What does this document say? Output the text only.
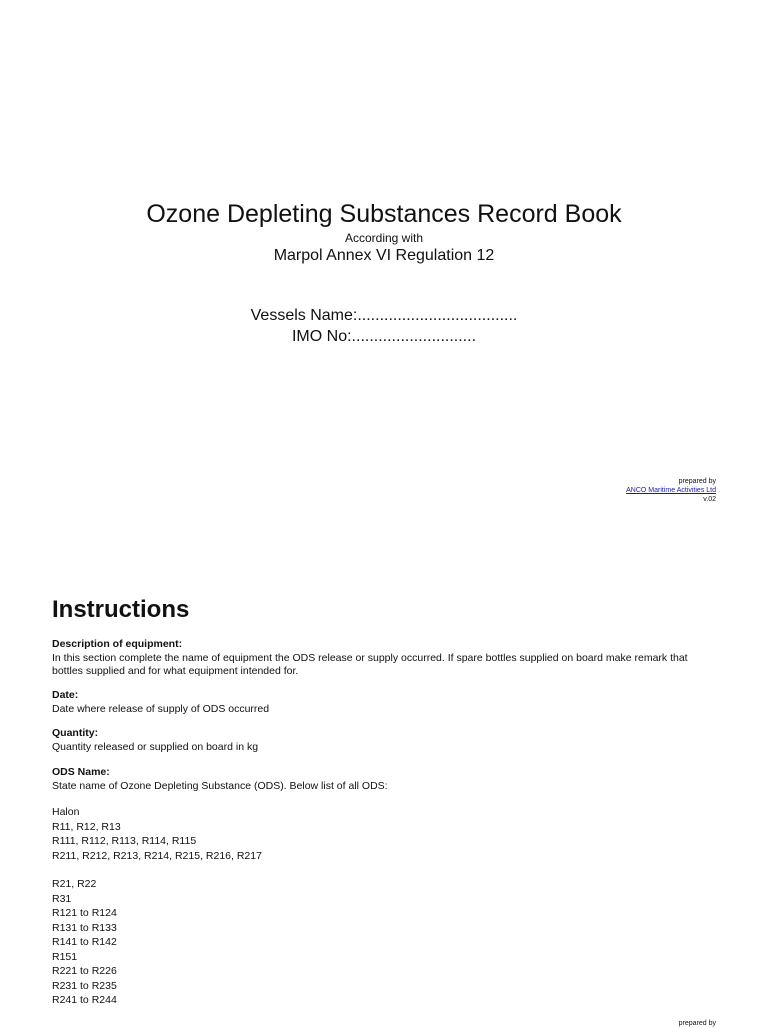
Ozone Depleting Substances Record Book
According with
Marpol Annex VI Regulation 12
Vessels Name:....................................
IMO No:............................
prepared by
ANCO Maritime Activities Ltd
v.02
Instructions
Description of equipment:
In this section complete the name of equipment the ODS release or supply occurred. If spare bottles supplied on board make remark that bottles supplied and for what equipment intended for.
Date:
Date where release of supply of ODS occurred
Quantity:
Quantity released or supplied on board in kg
ODS Name:
State name of Ozone Depleting Substance (ODS). Below list of all ODS:
Halon
R11, R12, R13
R111, R112, R113, R114, R115
R211, R212, R213, R214, R215, R216, R217
R21, R22
R31
R121 to R124
R131 to R133
R141 to R142
R151
R221 to R226
R231 to R235
R241 to R244
prepared by
